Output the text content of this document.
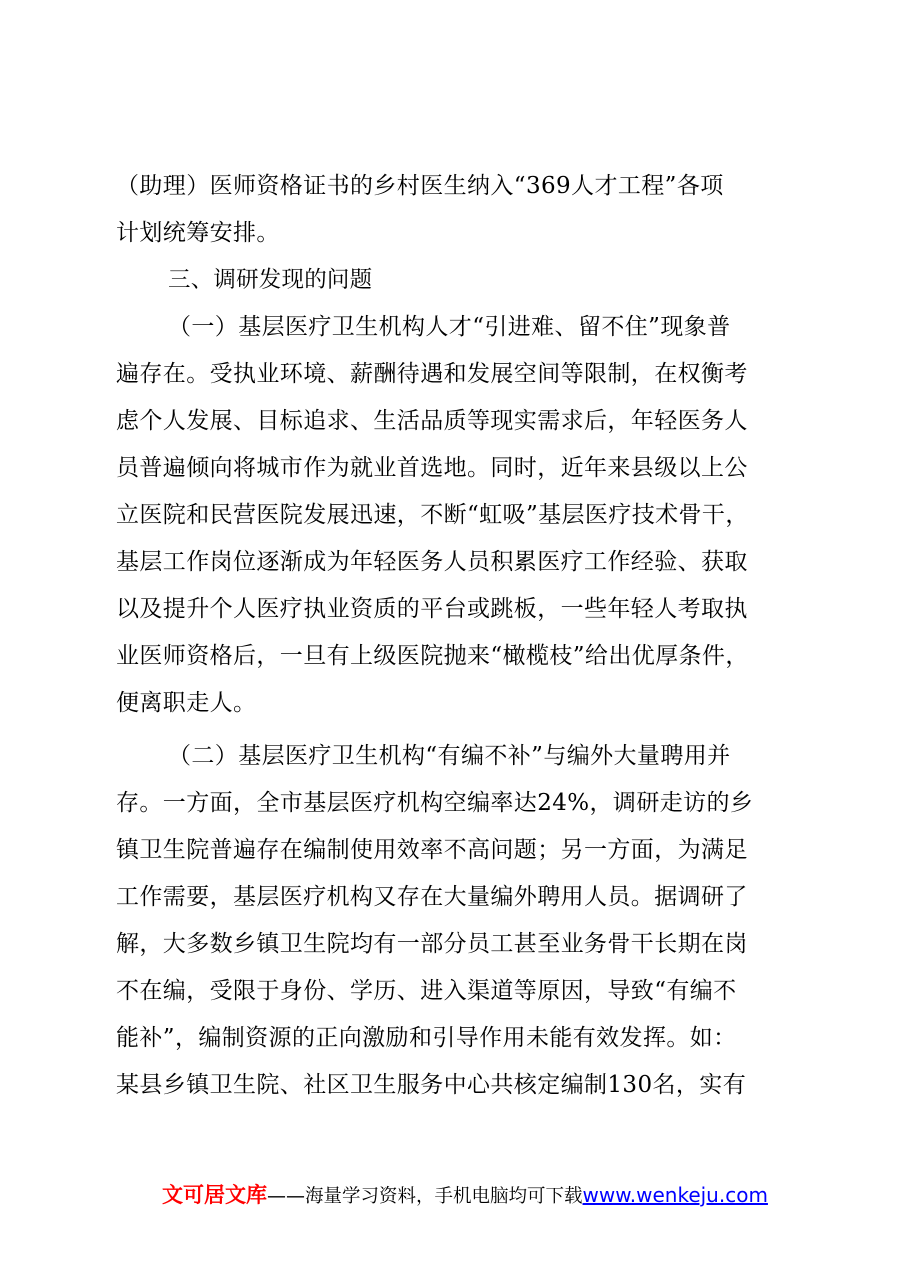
（助理）医师资格证书的乡村医生纳入“369人才工程”各项
计划统筹安排。
三、调研发现的问题
（一）基层医疗卫生机构人才“引进难、留不住”现象普
遍存在。受执业环境、薪酬待遇和发展空间等限制，在权衡考
虑个人发展、目标追求、生活品质等现实需求后，年轻医务人
员普遍倾向将城市作为就业首选地。同时，近年来县级以上公
立医院和民营医院发展迅速，不断“虹吸”基层医疗技术骨干，
基层工作岗位逐渐成为年轻医务人员积累医疗工作经验、获取
以及提升个人医疗执业资质的平台或跳板，一些年轻人考取执
业医师资格后，一旦有上级医院抛来“橄榄枝”给出优厚条件，
便离职走人。
（二）基层医疗卫生机构“有编不补”与编外大量聘用并
存。一方面，全市基层医疗机构空编率达24%，调研走访的乡
镇卫生院普遍存在编制使用效率不高问题；另一方面，为满足
工作需要，基层医疗机构又存在大量编外聘用人员。据调研了
解，大多数乡镇卫生院均有一部分员工甚至业务骨干长期在岗
不在编，受限于身份、学历、进入渠道等原因，导致“有编不
能补”，编制资源的正向激励和引导作用未能有效发挥。如：
某县乡镇卫生院、社区卫生服务中心共核定编制130名，实有
文可居文库——海量学习资料，手机电脑均可下载www.wenkeju.com
